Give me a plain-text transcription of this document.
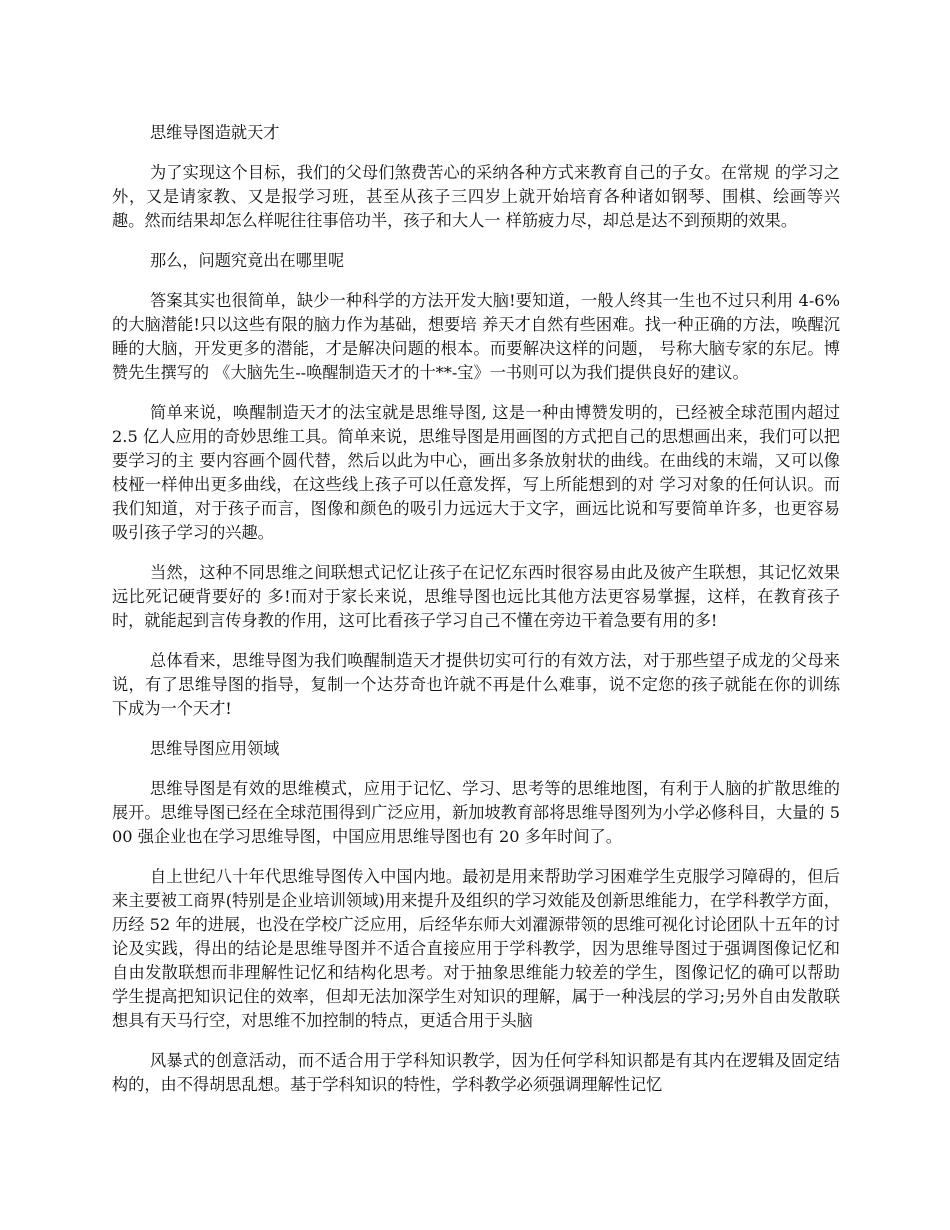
思维导图造就天才

为了实现这个目标，我们的父母们煞费苦心的采纳各种方式来教育自己的子女。在常规 的学习之外，又是请家教、又是报学习班，甚至从孩子三四岁上就开始培育各种诸如钢琴、围棋、绘画等兴趣。然而结果却怎么样呢往往事倍功半，孩子和大人一 样筋疲力尽，却总是达不到预期的效果。

那么，问题究竟出在哪里呢

答案其实也很简单，缺少一种科学的方法开发大脑!要知道，一般人终其一生也不过只利用 4-6%的大脑潜能!只以这些有限的脑力作为基础，想要培 养天才自然有些困难。找一种正确的方法，唤醒沉睡的大脑，开发更多的潜能，才是解决问题的根本。而要解决这样的问题， 号称大脑专家的东尼。博赞先生撰写的 《大脑先生--唤醒制造天才的十**-宝》一书则可以为我们提供良好的建议。

简单来说，唤醒制造天才的法宝就是思维导图, 这是一种由博赞发明的，已经被全球范围内超过 2.5 亿人应用的奇妙思维工具。简单来说，思维导图是用画图的方式把自己的思想画出来，我们可以把要学习的主 要内容画个圆代替，然后以此为中心，画出多条放射状的曲线。在曲线的末端，又可以像枝桠一样伸出更多曲线，在这些线上孩子可以任意发挥，写上所能想到的对 学习对象的任何认识。而我们知道，对于孩子而言，图像和颜色的吸引力远远大于文字，画远比说和写要简单许多，也更容易吸引孩子学习的兴趣。

当然，这种不同思维之间联想式记忆让孩子在记忆东西时很容易由此及彼产生联想，其记忆效果远比死记硬背要好的 多!而对于家长来说，思维导图也远比其他方法更容易掌握，这样，在教育孩子时，就能起到言传身教的作用，这可比看孩子学习自己不懂在旁边干着急要有用的多!

总体看来，思维导图为我们唤醒制造天才提供切实可行的有效方法，对于那些望子成龙的父母来说，有了思维导图的指导，复制一个达芬奇也许就不再是什么难事，说不定您的孩子就能在你的训练下成为一个天才!

思维导图应用领域

思维导图是有效的思维模式，应用于记忆、学习、思考等的思维地图，有利于人脑的扩散思维的展开。思维导图已经在全球范围得到广泛应用，新加坡教育部将思维导图列为小学必修科目，大量的 500 强企业也在学习思维导图，中国应用思维导图也有 20 多年时间了。

自上世纪八十年代思维导图传入中国内地。最初是用来帮助学习困难学生克服学习障碍的，但后来主要被工商界(特别是企业培训领域)用来提升及组织的学习效能及创新思维能力，在学科教学方面，历经 52 年的进展，也没在学校广泛应用，后经华东师大刘濯源带领的思维可视化讨论团队十五年的讨论及实践，得出的结论是思维导图并不适合直接应用于学科教学，因为思维导图过于强调图像记忆和自由发散联想而非理解性记忆和结构化思考。对于抽象思维能力较差的学生，图像记忆的确可以帮助学生提高把知识记住的效率，但却无法加深学生对知识的理解，属于一种浅层的学习;另外自由发散联想具有天马行空，对思维不加控制的特点，更适合用于头脑

风暴式的创意活动，而不适合用于学科知识教学，因为任何学科知识都是有其内在逻辑及固定结构的，由不得胡思乱想。基于学科知识的特性，学科教学必须强调理解性记忆
